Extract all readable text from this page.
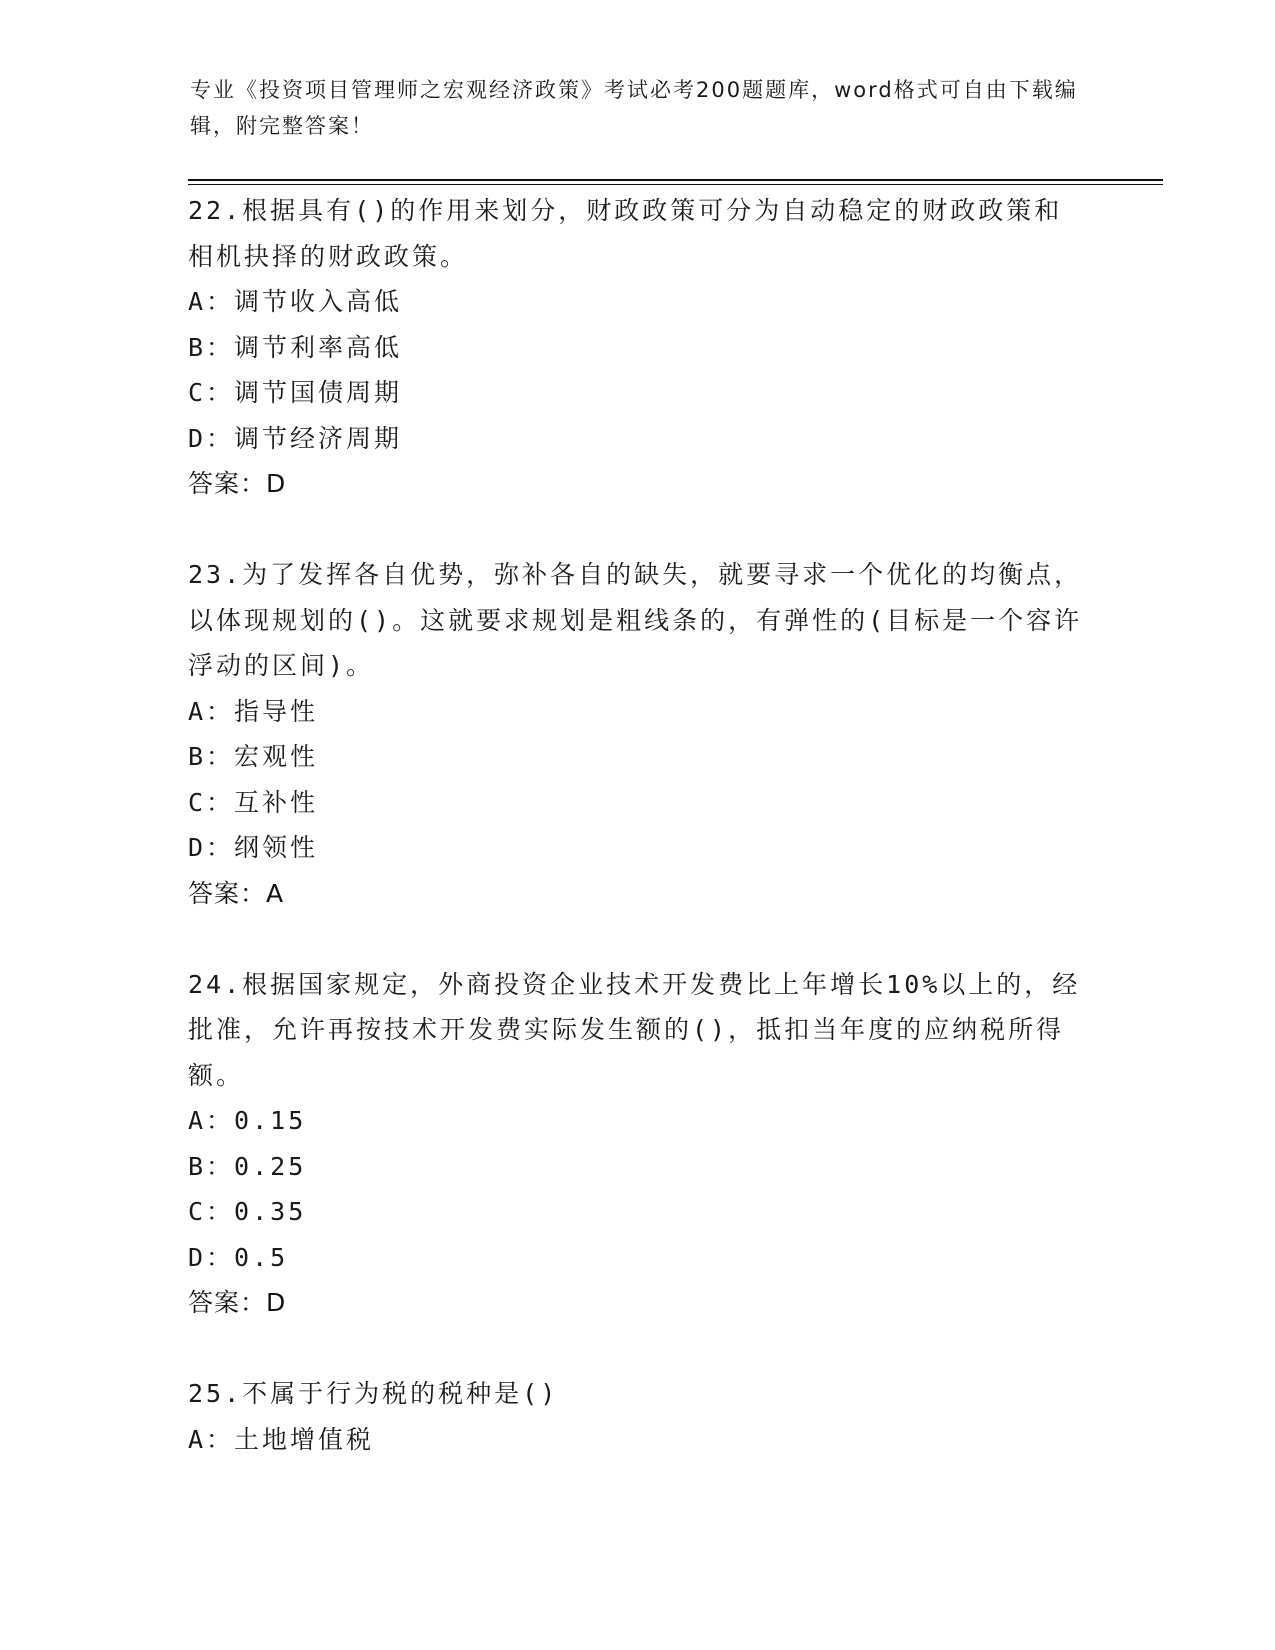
专业《投资项目管理师之宏观经济政策》考试必考200题题库，word格式可自由下载编辑，附完整答案！

22.根据具有()的作用来划分，财政政策可分为自动稳定的财政政策和相机抉择的财政政策。

A：调节收入高低

B：调节利率高低

C：调节国债周期

D：调节经济周期

答案：D

23.为了发挥各自优势，弥补各自的缺失，就要寻求一个优化的均衡点，以体现规划的()。这就要求规划是粗线条的，有弹性的(目标是一个容许浮动的区间)。

A：指导性

B：宏观性

C：互补性

D：纲领性

答案：A

24.根据国家规定，外商投资企业技术开发费比上年增长10%以上的，经批准，允许再按技术开发费实际发生额的()，抵扣当年度的应纳税所得额。

A：0.15

B：0.25

C：0.35

D：0.5

答案：D

25.不属于行为税的税种是()

A：土地增值税
